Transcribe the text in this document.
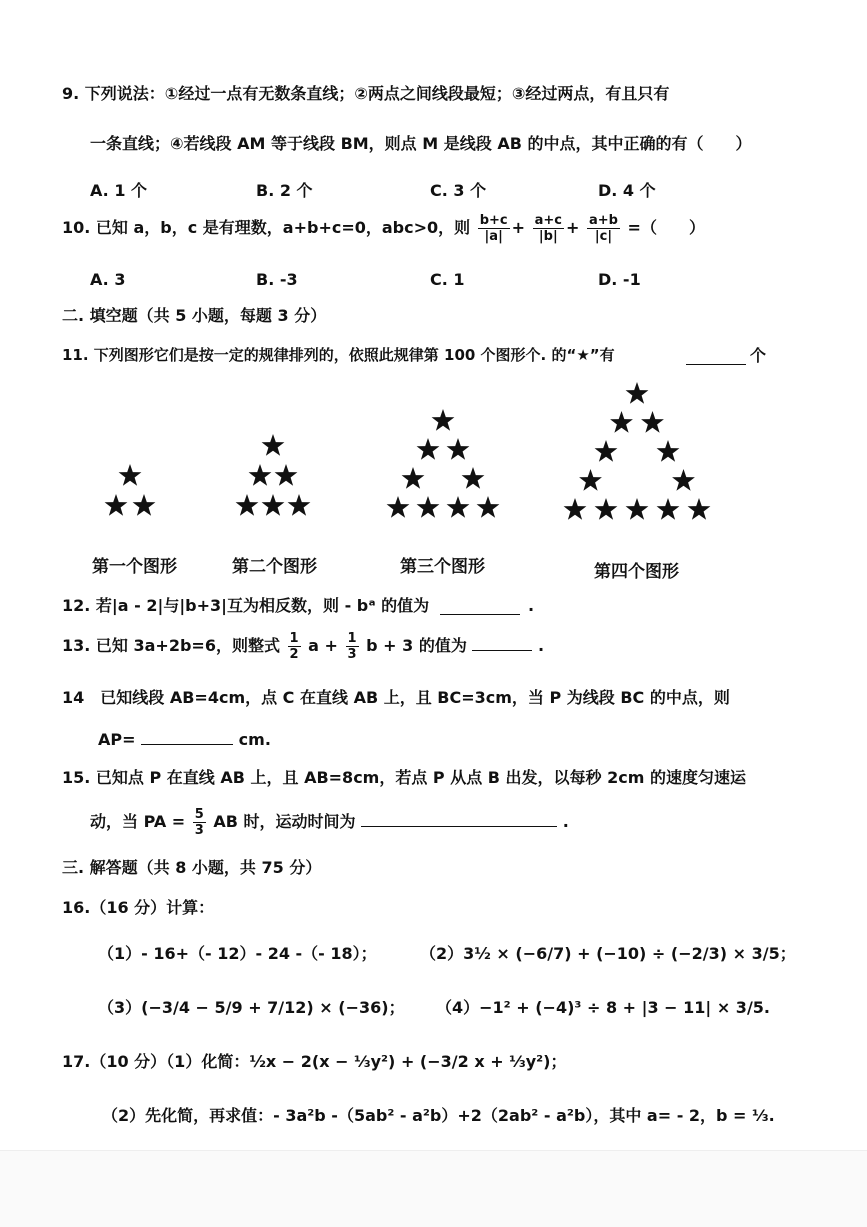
9. 下列说法：①经过一点有无数条直线；②两点之间线段最短；③经过两点，有且只有
一条直线；④若线段 AM 等于线段 BM，则点 M 是线段 AB 的中点，其中正确的有（　　）
A. 1 个	B. 2 个	C. 3 个	D. 4 个
10. 已知 a，b，c 是有理数，a+b+c=0，abc>0，则 $\frac{b+c}{|a|} + \frac{a+c}{|b|} + \frac{a+b}{|c|}$ =（　　）
A. 3	B. -3	C. 1	D. -1
二. 填空题（共 5 小题，每题 3 分）
11. 下列图形它们是按一定的规律排列的，依照此规律第 100 个图形个. 的“★”有	个
第一个图形	第二个图形	第三个图形	第四个图形
12. 若|a - 2|与|b+3|互为相反数，则 - bᵃ 的值为	.
13. 已知 3a+2b=6，则整式 $\frac{1}{2}$ $a + \frac{1}{3}$ b + 3 的值为	.
14　已知线段 AB=4cm，点 C 在直线 AB 上，且 BC=3cm，当 P 为线段 BC 的中点，则
AP=	cm.
15. 已知点 P 在直线 AB 上，且 AB=8cm，若点 P 从点 B 出发，以每秒 2cm 的速度匀速运
动，当 PA = $\frac{5}{3}$ AB 时，运动时间为	.
三. 解答题（共 8 小题，共 75 分）
16.（16 分）计算：
（1）- 16+（- 12）- 24 -（- 18）；	（2）3½ × (−6/7) + (−10) ÷ (−2/3) × 3/5；
（3）(−3/4 − 5/9 + 7/12) × (−36)； （4）−1² + (−4)³ ÷ 8 + |3 − 11| × 3/5.
17.（10 分）（1）化简：½x − 2(x − ⅓y²) + (−3/2 x + ⅓y²)；
（2）先化简，再求值：- 3a²b -（5ab² - a²b）+2（2ab² - a²b），其中 a= - 2，b = ⅓.
